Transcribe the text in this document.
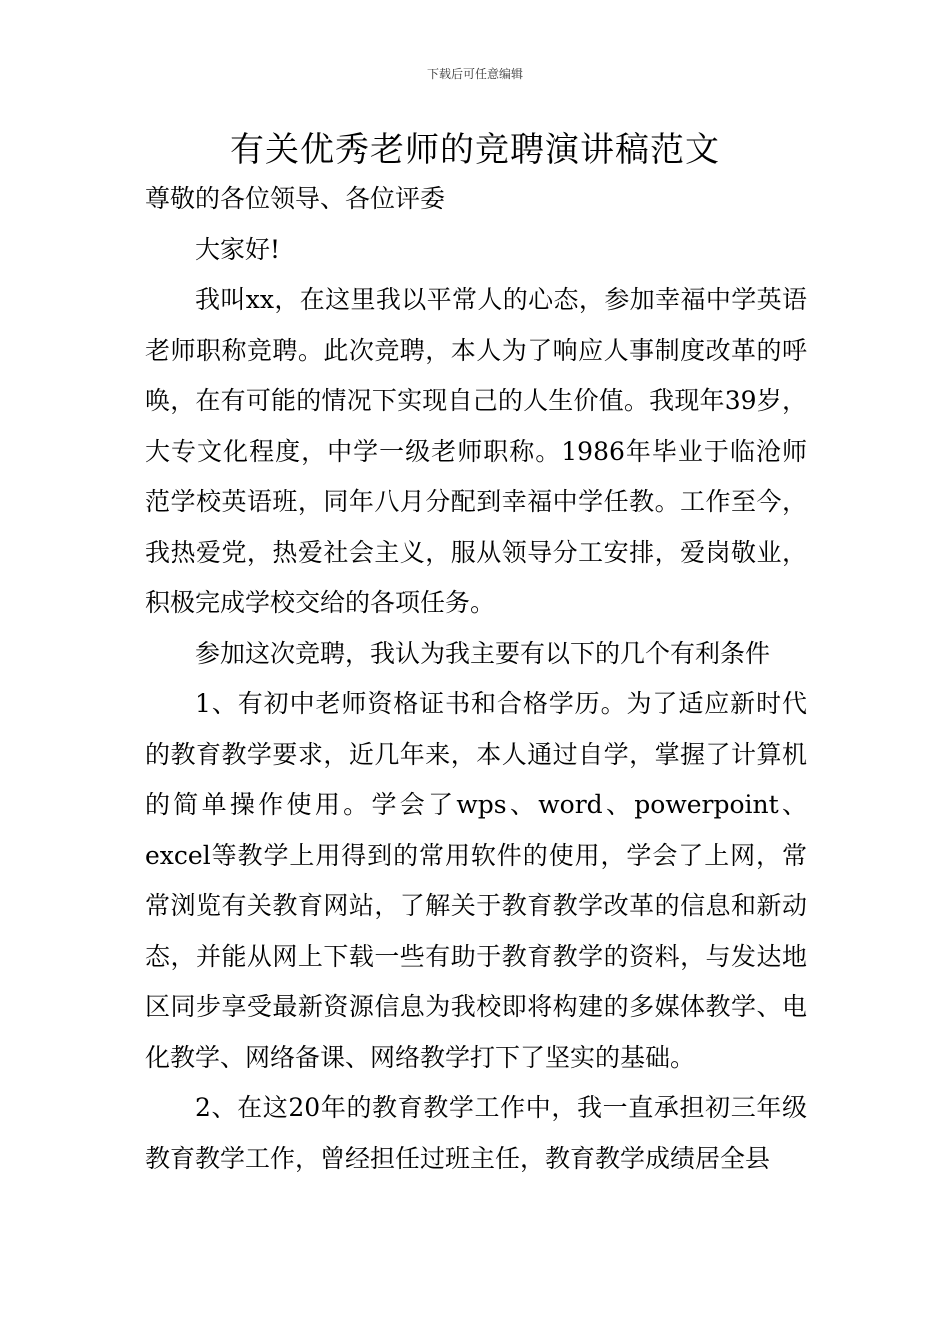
下载后可任意编辑
有关优秀老师的竞聘演讲稿范文

尊敬的各位领导、各位评委

大家好!

我叫xx，在这里我以平常人的心态，参加幸福中学英语老师职称竞聘。此次竞聘，本人为了响应人事制度改革的呼唤，在有可能的情况下实现自己的人生价值。我现年39岁，大专文化程度，中学一级老师职称。1986年毕业于临沧师范学校英语班，同年八月分配到幸福中学任教。工作至今，我热爱党，热爱社会主义，服从领导分工安排，爱岗敬业，积极完成学校交给的各项任务。

参加这次竞聘，我认为我主要有以下的几个有利条件

1、有初中老师资格证书和合格学历。为了适应新时代的教育教学要求，近几年来，本人通过自学，掌握了计算机的简单操作使用。学会了wps、word、powerpoint、excel等教学上用得到的常用软件的使用，学会了上网，常常浏览有关教育网站，了解关于教育教学改革的信息和新动态，并能从网上下载一些有助于教育教学的资料，与发达地区同步享受最新资源信息为我校即将构建的多媒体教学、电化教学、网络备课、网络教学打下了坚实的基础。

2、在这20年的教育教学工作中，我一直承担初三年级教育教学工作，曾经担任过班主任，教育教学成绩居全县
